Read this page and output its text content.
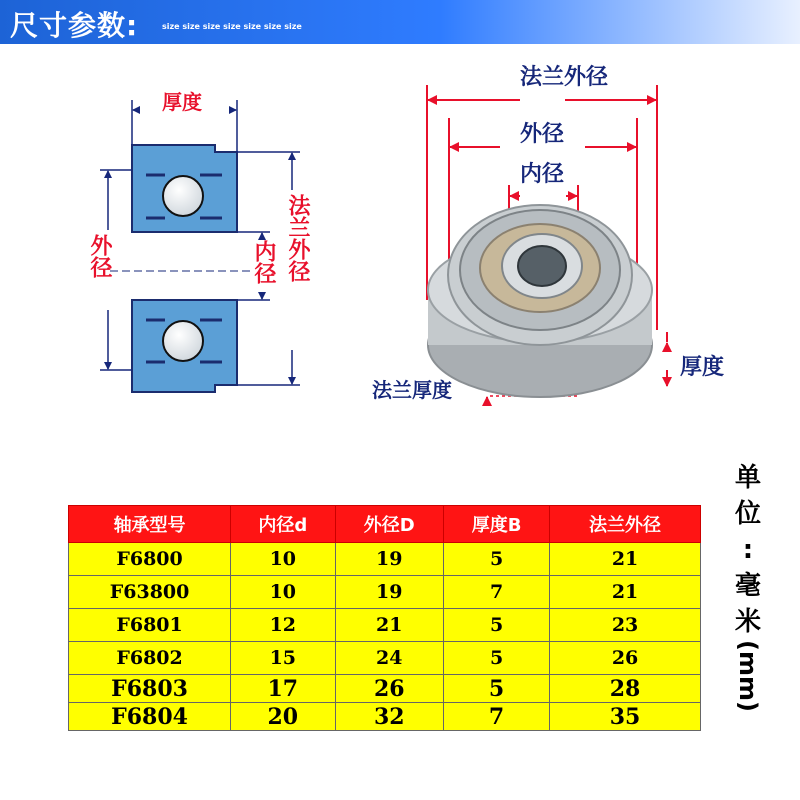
尺寸参数:	size size size size size size size
厚度
外径	内径 法兰外径
法兰外径
外径
内径
厚度
法兰厚度
轴承型号	内径d	外径D	厚度B	法兰外径
F6800	10	19	5	21
F63800	10	19	7	21
F6801	12	21	5	23
F6802	15	24	5	26
F6803	17	26	5	28
F6804	20	32	7	35
单
位
:
毫
米
(mm)
